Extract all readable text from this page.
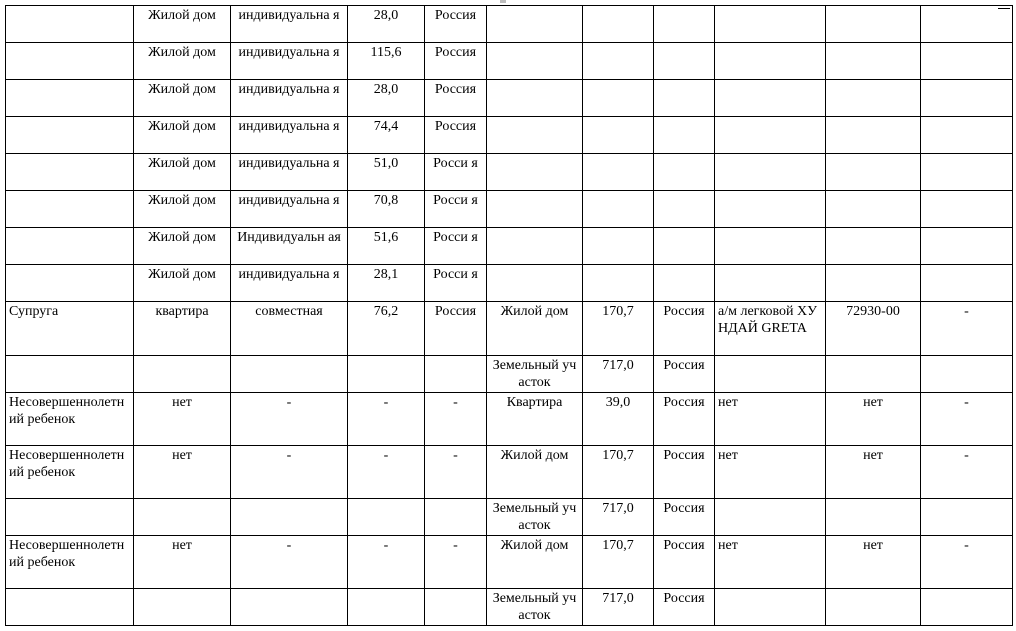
	Жилой дом	индивидуальна я	28,0	Россия						
	Жилой дом	индивидуальна я	115,6	Россия						
	Жилой дом	индивидуальна я	28,0	Россия						
	Жилой дом	индивидуальна я	74,4	Россия						
	Жилой дом	индивидуальна я	51,0	Росси я						
	Жилой дом	индивидуальна я	70,8	Росси я						
	Жилой дом	Индивидуальн ая	51,6	Росси я						
	Жилой дом	индивидуальна я	28,1	Росси я						
Супруга	квартира	совместная	76,2	Россия	Жилой дом	170,7	Россия	а/м легковой ХУНДАЙ GRETA	72930-00	-
					Земельный участок	717,0	Россия			
Несовершеннолетний ребенок	нет	-	-	-	Квартира	39,0	Россия	нет	нет	-
Несовершеннолетний ребенок	нет	-	-	-	Жилой дом	170,7	Россия	нет	нет	-
					Земельный участок	717,0	Россия			
Несовершеннолетний ребенок	нет	-	-	-	Жилой дом	170,7	Россия	нет	нет	-
					Земельный участок	717,0	Россия			
